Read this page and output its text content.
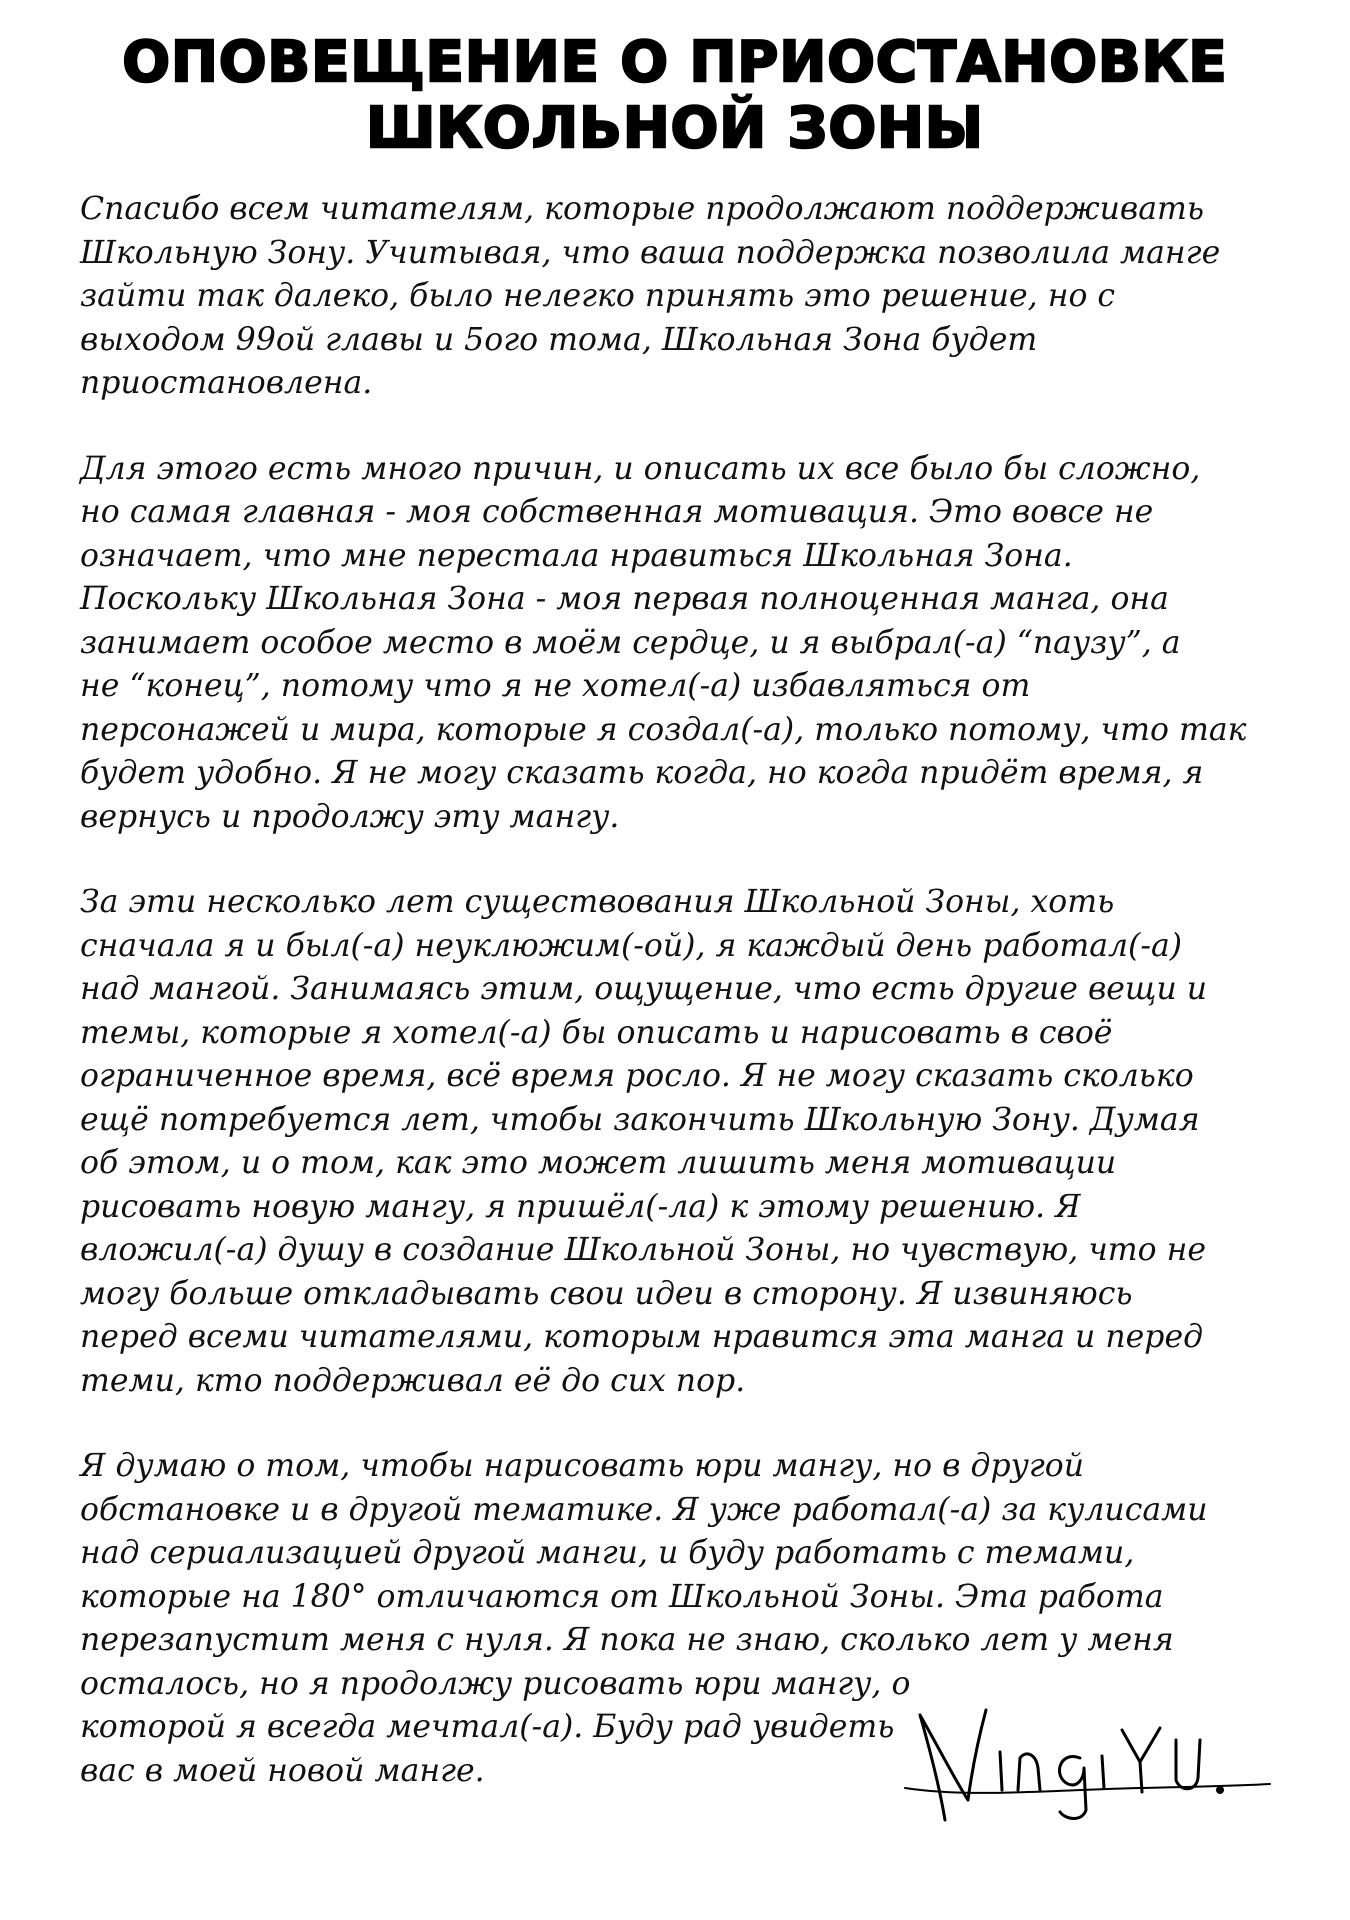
ОПОВЕЩЕНИЕ О ПРИОСТАНОВКЕ
ШКОЛЬНОЙ ЗОНЫ
Спасибо всем читателям, которые продолжают поддерживать
Школьную Зону. Учитывая, что ваша поддержка позволила манге
зайти так далеко, было нелегко принять это решение, но с
выходом 99ой главы и 5ого тома, Школьная Зона будет
приостановлена.
Для этого есть много причин, и описать их все было бы сложно,
но самая главная - моя собственная мотивация. Это вовсе не
означает, что мне перестала нравиться Школьная Зона.
Поскольку Школьная Зона - моя первая полноценная манга, она
занимает особое место в моём сердце, и я выбрал(-а) “паузу”, а
не “конец”, потому что я не хотел(-а) избавляться от
персонажей и мира, которые я создал(-а), только потому, что так
будет удобно. Я не могу сказать когда, но когда придёт время, я
вернусь и продолжу эту мангу.
За эти несколько лет существования Школьной Зоны, хоть
сначала я и был(-а) неуклюжим(-ой), я каждый день работал(-а)
над мангой. Занимаясь этим, ощущение, что есть другие вещи и
темы, которые я хотел(-а) бы описать и нарисовать в своё
ограниченное время, всё время росло. Я не могу сказать сколько
ещё потребуется лет, чтобы закончить Школьную Зону. Думая
об этом, и о том, как это может лишить меня мотивации
рисовать новую мангу, я пришёл(-ла) к этому решению. Я
вложил(-а) душу в создание Школьной Зоны, но чувствую, что не
могу больше откладывать свои идеи в сторону. Я извиняюсь
перед всеми читателями, которым нравится эта манга и перед
теми, кто поддерживал её до сих пор.
Я думаю о том, чтобы нарисовать юри мангу, но в другой
обстановке и в другой тематике. Я уже работал(-а) за кулисами
над сериализацией другой манги, и буду работать с темами,
которые на 180° отличаются от Школьной Зоны. Эта работа
перезапустит меня с нуля. Я пока не знаю, сколько лет у меня
осталось, но я продолжу рисовать юри мангу, о
которой я всегда мечтал(-а). Буду рад увидеть
вас в моей новой манге.
